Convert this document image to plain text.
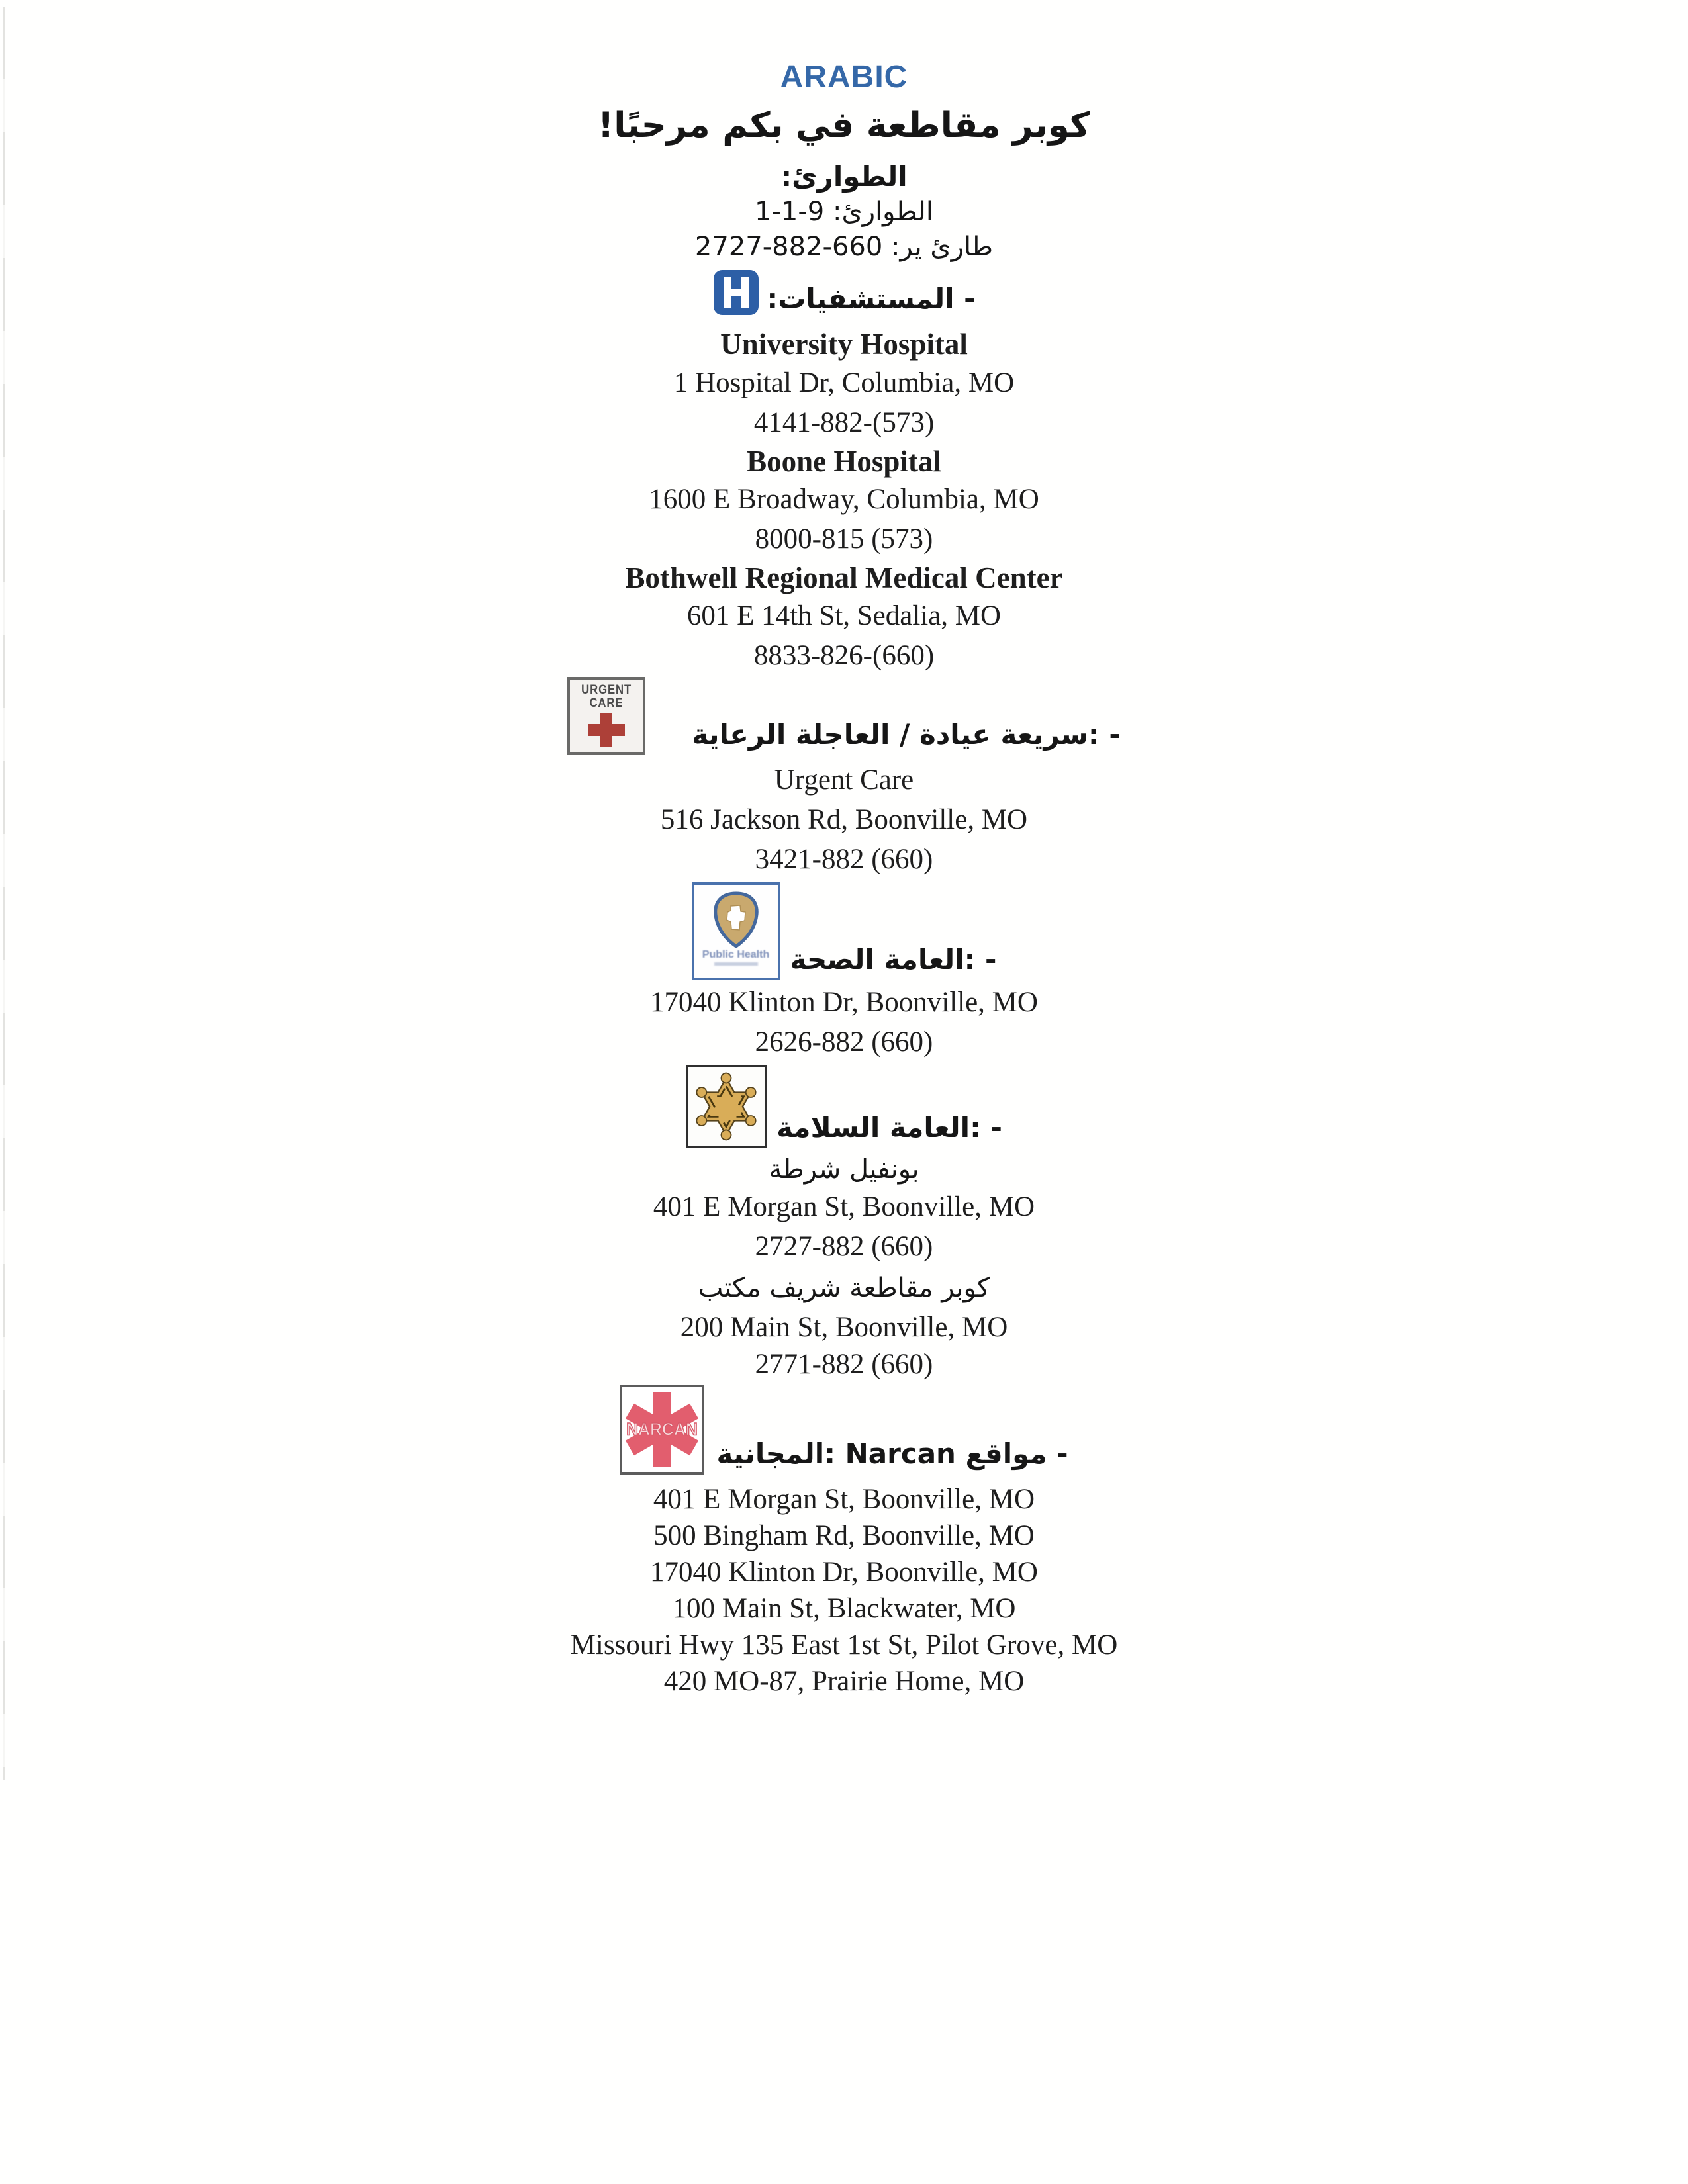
ARABIC
كوبر مقاطعة في بكم مرحبًا!
الطوارئ:
الطوارئ: 9-1-1
طارئ ير: 660-882-2727
- المستشفيات:
University Hospital
1 Hospital Dr, Columbia, MO
4141-882-(573)
Boone Hospital
1600 E Broadway, Columbia, MO
8000-815 (573)
Bothwell Regional Medical Center
601 E 14th St, Sedalia, MO
8833-826-(660)
URGENT
CARE
- :سريعة عيادة / العاجلة الرعاية
Urgent Care
516 Jackson Rd, Boonville, MO
3421-882 (660)
Public Health - :العامة الصحة
17040 Klinton Dr, Boonville, MO
2626-882 (660)
- :العامة السلامة
بونفيل شرطة
401 E Morgan St, Boonville, MO
2727-882 (660)
كوبر مقاطعة شريف مكتب
200 Main St, Boonville, MO
2771-882 (660)
NARCAN
- مواقع Narcan :المجانية
401 E Morgan St, Boonville, MO
500 Bingham Rd, Boonville, MO
17040 Klinton Dr, Boonville, MO
100 Main St, Blackwater, MO
Missouri Hwy 135 East 1st St, Pilot Grove, MO
420 MO-87, Prairie Home, MO
